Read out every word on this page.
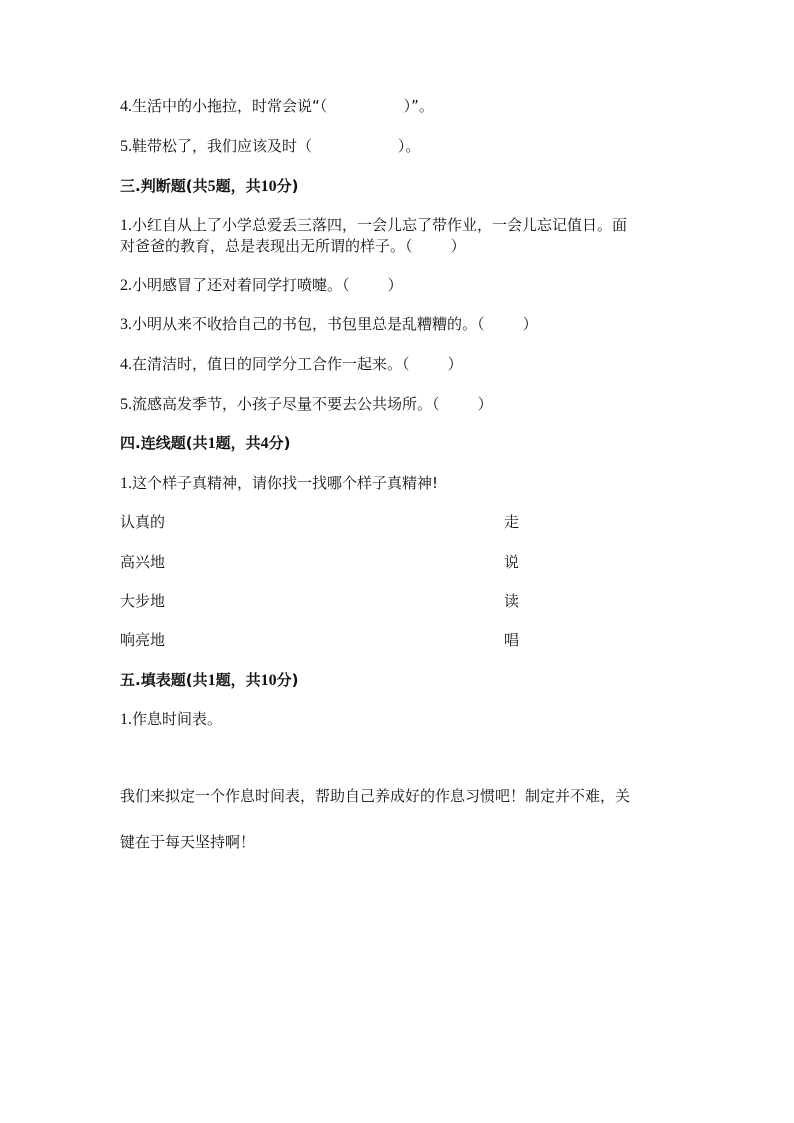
4.生活中的小拖拉，时常会说“（	）”。

5.鞋带松了，我们应该及时（	）。

三.判断题(共5题，共10分)

1.小红自从上了小学总爱丢三落四，一会儿忘了带作业，一会儿忘记值日。面

对爸爸的教育，总是表现出无所谓的样子。（        ）

2.小明感冒了还对着同学打喷嚏。（        ）

3.小明从来不收拾自己的书包，书包里总是乱糟糟的。（        ）

4.在清洁时，值日的同学分工合作一起来。（        ）

5.流感高发季节，小孩子尽量不要去公共场所。（        ）

四.连线题(共1题，共4分)

1.这个样子真精神，请你找一找哪个样子真精神!

认真的	走

高兴地	说

大步地	读

响亮地	唱

五.填表题(共1题，共10分)

1.作息时间表。

我们来拟定一个作息时间表，帮助自己养成好的作息习惯吧！制定并不难，关

键在于每天坚持啊！
